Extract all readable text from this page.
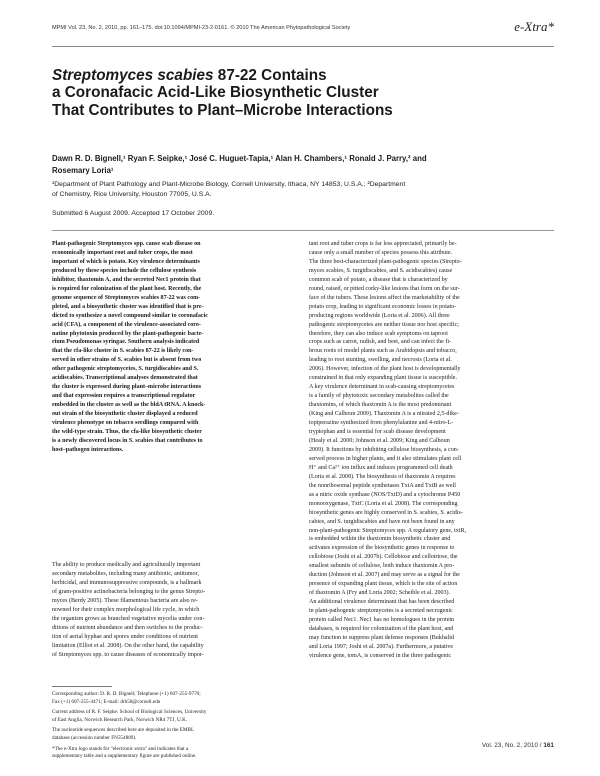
MPMI Vol. 23, No. 2, 2010, pp. 161–175. doi:10.1094/MPMI-23-2-0161. © 2010 The American Phytopathological Society	e-Xtra*
Streptomyces scabies 87-22 Contains
a Coronafacic Acid-Like Biosynthetic Cluster
That Contributes to Plant–Microbe Interactions
Dawn R. D. Bignell,¹ Ryan F. Seipke,¹ José C. Huguet-Tapia,¹ Alan H. Chambers,¹ Ronald J. Parry,² and
Rosemary Loria¹
¹Department of Plant Pathology and Plant-Microbe Biology, Cornell University, Ithaca, NY 14853, U.S.A.; ²Department
of Chemistry, Rice University, Houston 77005, U.S.A.
Submitted 6 August 2009. Accepted 17 October 2009.
Plant-pathogenic Streptomyces spp. cause scab disease on
economically important root and tuber crops, the most
important of which is potato. Key virulence determinants
produced by these species include the cellulose synthesis
inhibitor, thaxtomin A, and the secreted Nec1 protein that
is required for colonization of the plant host. Recently, the
genome sequence of Streptomyces scabies 87-22 was com-
pleted, and a biosynthetic cluster was identified that is pre-
dicted to synthesize a novel compound similar to coronafacic
acid (CFA), a component of the virulence-associated coro-
natine phytotoxin produced by the plant-pathogenic bacte-
rium Pseudomonas syringae. Southern analysis indicated
that the cfa-like cluster in S. scabies 87-22 is likely con-
served in other strains of S. scabies but is absent from two
other pathogenic streptomycetes, S. turgidiscabies and S.
acidiscabies. Transcriptional analyses demonstrated that
the cluster is expressed during plant–microbe interactions
and that expression requires a transcriptional regulator
embedded in the cluster as well as the bldA tRNA. A knock-
out strain of the biosynthetic cluster displayed a reduced
virulence phenotype on tobacco seedlings compared with
the wild-type strain. Thus, the cfa-like biosynthetic cluster
is a newly discovered locus in S. scabies that contributes to
host–pathogen interactions.
The ability to produce medically and agriculturally important
secondary metabolites, including many antibiotic, antitumor,
herbicidal, and immunosuppressive compounds, is a hallmark
of gram-positive actinobacteria belonging to the genus Strepto-
myces (Berdy 2005). These filamentous bacteria are also re-
nowned for their complex morphological life cycle, in which
the organism grows as branched vegetative mycelia under con-
ditions of nutrient abundance and then switches to the produc-
tion of aerial hyphae and spores under conditions of nutrient
limitation (Elliot et al. 2008). On the other hand, the capability
of Streptomyces spp. to cause diseases of economically impor-
tant root and tuber crops is far less appreciated, primarily be-
cause only a small number of species possess this attribute.
The three best-characterized plant-pathogenic species (Strepto-
myces scabies, S. turgidiscabies, and S. acidiscabies) cause
common scab of potato, a disease that is characterized by
round, raised, or pitted corky-like lesions that form on the sur-
face of the tubers. These lesions affect the marketability of the
potato crop, leading to significant economic losses in potato-
producing regions worldwide (Loria et al. 2006). All three
pathogenic streptomycetes are neither tissue nor host specific;
therefore, they can also induce scab symptoms on taproot
crops such as carrot, radish, and beet, and can infect the fi-
brous roots of model plants such as Arabidopsis and tobacco,
leading to root stunting, swelling, and necrosis (Loria et al.
2006). However, infection of the plant host is developmentally
constrained in that only expanding plant tissue is susceptible.
A key virulence determinant in scab-causing streptomycetes
is a family of phytotoxic secondary metabolites called the
thaxtomins, of which thaxtomin A is the most predominant
(King and Calhoun 2009). Thaxtomin A is a nitrated 2,5-dike-
topiperazine synthesized from phenylalanine and 4-nitro-L-
tryptophan and is essential for scab disease development
(Healy et al. 2000; Johnson et al. 2009; King and Calhoun
2009). It functions by inhibiting cellulose biosynthesis, a con-
served process in higher plants, and it also stimulates plant cell
H⁺ and Ca²⁺ ion influx and induces programmed cell death
(Loria et al. 2008). The biosynthesis of thaxtomin A requires
the nonribosomal peptide synthetases TxtA and TxtB as well
as a nitric oxide synthase (NOS/TxtD) and a cytochrome P450
monooxygenase, TxtC (Loria et al. 2008). The corresponding
biosynthetic genes are highly conserved in S. scabies, S. acidis-
cabies, and S. turgidiscabies and have not been found in any
non-plant-pathogenic Streptomyces spp. A regulatory gene, txtR,
is embedded within the thaxtomin biosynthetic cluster and
activates expression of the biosynthetic genes in response to
cellobiose (Joshi et al. 2007b). Cellobiose and cellotriose, the
smallest subunits of cellulose, both induce thaxtomin A pro-
duction (Johnson et al. 2007) and may serve as a signal for the
presence of expanding plant tissue, which is the site of action
of thaxtomin A (Fry and Loria 2002; Scheible et al. 2003).
An additional virulence determinant that has been described
in plant-pathogenic streptomycetes is a secreted necrogenic
protein called Nec1. Nec1 has no homologues in the protein
databases, is required for colonization of the plant host, and
may function to suppress plant defense responses (Bukhalid
and Loria 1997; Joshi et al. 2007a). Furthermore, a putative
virulence gene, tomA, is conserved in the three pathogenic
Corresponding author: D. R. D. Bignell; Telephone (+1) 607-255-9770;
Fax (+1) 607-255-4471; E-mail: drb58@cornell.edu
Current address of R. F. Seipke: School of Biological Sciences, University
of East Anglia, Norwich Research Park, Norwich NR4 7TJ, U.K.
The nucleotide sequences described here are deposited in the EMBL
database (accession number FN554889).
*The e-Xtra logo stands for "electronic extra" and indicates that a
supplementary table and a supplementary figure are published online.
Vol. 23, No. 2, 2010 / 161
